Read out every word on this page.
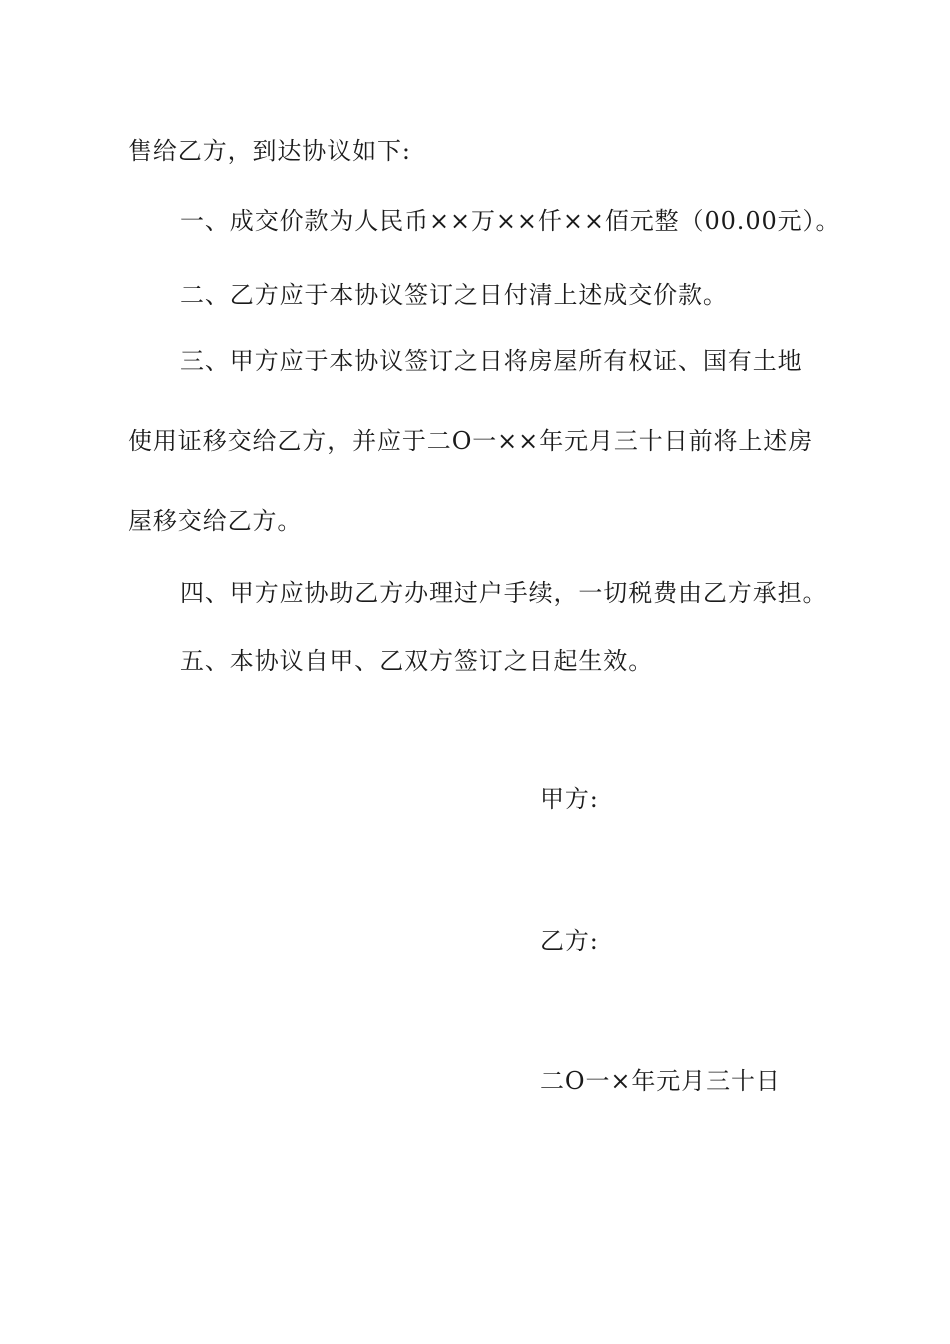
售给乙方，到达协议如下:
一、成交价款为人民币××万××仟××佰元整（00.00元）。
二、乙方应于本协议签订之日付清上述成交价款。
三、甲方应于本协议签订之日将房屋所有权证、国有土地
使用证移交给乙方，并应于二O一××年元月三十日前将上述房
屋移交给乙方。
四、甲方应协助乙方办理过户手续，一切税费由乙方承担。
五、本协议自甲、乙双方签订之日起生效。
甲方:
乙方:
二O一×年元月三十日
